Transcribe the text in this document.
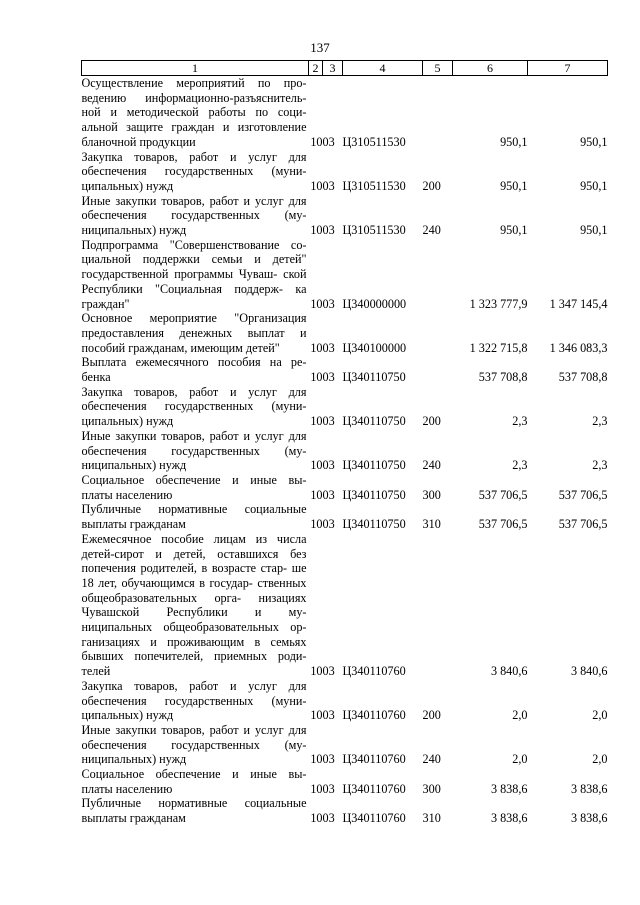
137
1	2	3	4	5	6	7
Осуществление мероприятий по про- ведению информационно-разъяснитель- ной и методической работы по соци- альной защите граждан и изготовление бланочной продукции	10	03	Ц310511530		950,1	950,1
Закупка товаров, работ и услуг для обеспечения государственных (муни- ципальных) нужд	10	03	Ц310511530	200	950,1	950,1
Иные закупки товаров, работ и услуг для обеспечения государственных (му- ниципальных) нужд	10	03	Ц310511530	240	950,1	950,1
Подпрограмма "Совершенствование со- циальной поддержки семьи и детей" государственной программы Чуваш- ской Республики "Социальная поддерж- ка граждан"	10	03	Ц340000000		1 323 777,9	1 347 145,4
Основное мероприятие "Организация предоставления денежных выплат и пособий гражданам, имеющим детей"	10	03	Ц340100000		1 322 715,8	1 346 083,3
Выплата ежемесячного пособия на ре- бенка	10	03	Ц340110750		537 708,8	537 708,8
Закупка товаров, работ и услуг для обеспечения государственных (муни- ципальных) нужд	10	03	Ц340110750	200	2,3	2,3
Иные закупки товаров, работ и услуг для обеспечения государственных (му- ниципальных) нужд	10	03	Ц340110750	240	2,3	2,3
Социальное обеспечение и иные вы- платы населению	10	03	Ц340110750	300	537 706,5	537 706,5
Публичные нормативные социальные выплаты гражданам	10	03	Ц340110750	310	537 706,5	537 706,5
Ежемесячное пособие лицам из числа детей-сирот и детей, оставшихся без попечения родителей, в возрасте стар- ше 18 лет, обучающимся в государ- ственных общеобразовательных орга- низациях Чувашской Республики и му- ниципальных общеобразовательных ор- ганизациях и проживающим в семьях бывших попечителей, приемных роди- телей	10	03	Ц340110760		3 840,6	3 840,6
Закупка товаров, работ и услуг для обеспечения государственных (муни- ципальных) нужд	10	03	Ц340110760	200	2,0	2,0
Иные закупки товаров, работ и услуг для обеспечения государственных (му- ниципальных) нужд	10	03	Ц340110760	240	2,0	2,0
Социальное обеспечение и иные вы- платы населению	10	03	Ц340110760	300	3 838,6	3 838,6
Публичные нормативные социальные выплаты гражданам	10	03	Ц340110760	310	3 838,6	3 838,6
